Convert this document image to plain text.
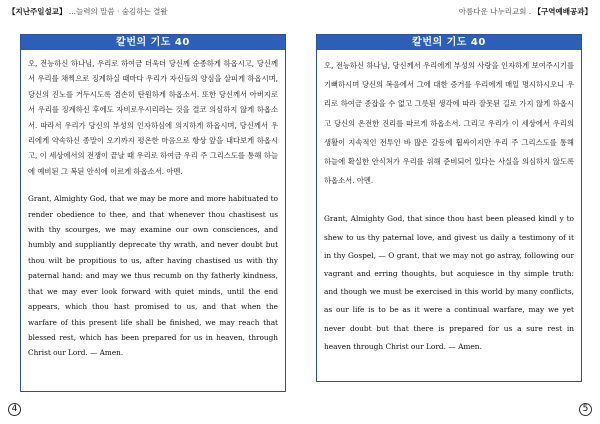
【지난주일설교】 ...늘력의 말씀 · 숨김하는 결왈
칼번의 기도 40

오, 전능하신 하나님, 우리로 하여금 더욱더 당신께 순종하게 하옵시고, 당신께서 우리를 채찍으로 징계하실 때마다 우리가 자신들의 양심을 살피게 하옵시며, 당신의 진노를 거두시도록 겸손히 탄원하게 하옵소서. 또한 당신께서 아버지로서 우리를 징계하신 후에도 자비로우시리라는 것을 결코 의심하지 않게 하옵소서. 따라서 우리가 당신의 부성의 인자하심에 의지하게 하옵시며, 당신께서 우리에게 약속하신 종말이 오기까지 평온한 마음으로 항상 앞을 내다보게 하옵시고, 이 세상에서의 전쟁이 끝날 때 우리로 하여금 우리 주 그리스도를 통해 하늘에 예비된 그 복된 안식에 이르게 하옵소서. 아멘.

Grant, Almighty God, that we may be more and more habituated to render obedience to thee, and that whenever thou chastisest us with thy scourges, we may examine our own consciences, and humbly and suppliantly deprecate thy wrath, and never doubt but thou wilt be propitious to us, after having chastised us with thy paternal hand: and may we thus recumb on thy fatherly kindness, that we may ever look forward with quiet minds, until the end appears, which thou hast promised to us, and that when the warfare of this present life shall be finished, we may reach that blessed rest, which has been prepared for us in heaven, through Christ our Lord. — Amen.

4
아름다운 나누리교회 . 【구역예배공과】
칼번의 기도 40

오, 전능하신 하나님, 당신께서 우리에게 부성의 사랑을 인자하게 보여주시기를 기뻐하시며 당신의 복음에서 그에 대한 증거를 우리에게 매일 명시하시오니 우리로 하여금 종잡을 수 없고 그릇된 생각에 따라 잘못된 길로 가지 않게 하옵시고 당신의 온전한 진리를 따르게 하옵소서. 그리고 우리가 이 세상에서 우리의 생활이 지속적인 전투인 바 많은 갈등에 휩싸이지만 우리 주 그리스도를 통해 하늘에 확실한 안식처가 우리를 위해 준비되어 있다는 사실을 의심하지 않도록 하옵소서. 아멘.

Grant, Almighty God, that since thou hast been pleased kindl y to shew to us thy paternal love, and givest us daily a testimony of it in thy Gospel, — O grant, that we may not go astray, following our vagrant and erring thoughts, but acquiesce in thy simple truth: and though we must be exercised in this world by many conflicts, as our life is to be as it were a continual warfare, may we yet never doubt but that there is prepared for us a sure rest in heaven through Christ our Lord. — Amen.

5
